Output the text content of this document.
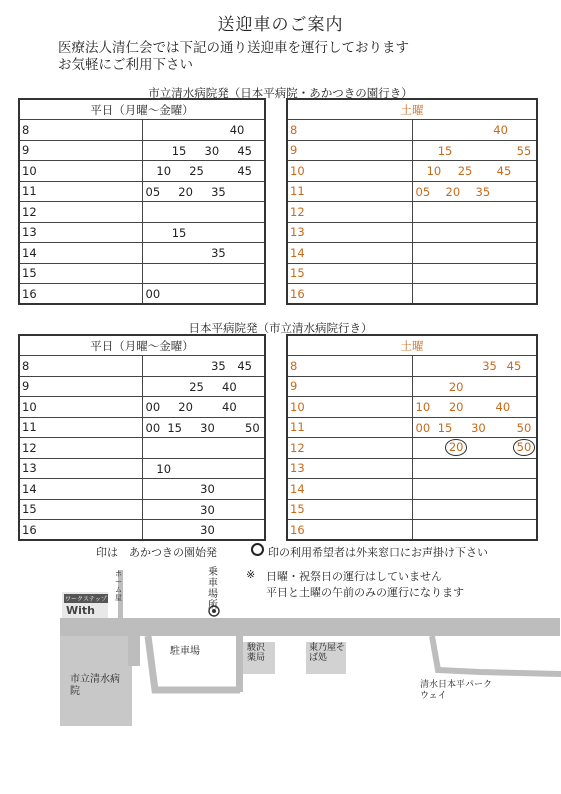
送迎車のご案内
医療法人清仁会では下記の通り送迎車を運行しております
お気軽にご利用下さい
市立清水病院発（日本平病院・あかつきの園行き）
平日（月曜～金曜）	
8	40

9	15 30 45

10	10 25 45

11	05 20 35

12	
13	15

14	35

15	
16	00
土曜	
8	40

9	15 55

10	10 25 45

11	05 20 35

12	
13	
14	
15	
16	
日本平病院発（市立清水病院行き）
平日（月曜～金曜）	
8	35 45

9	25 40

10	00 20 40

11	00 15 30 50

12	
13	10

14	30

15	30

16	30
土曜	
8	35 45

9	20

10	10 20 40

11	00 15 30 50

12	20 50

13	
14	
15	
16	
印は　あかつきの園始発	印の利用希望者は外来窓口にお声掛け下さい
※ 日曜・祝祭日の運行はしていません
平日と土曜の午前のみの運行になります
乗車場所
ワークステップ
With
ホーム屋
駐車場	駿沢薬局
東乃屋そば処
市立清水病院
清水日本平パークウェイ
